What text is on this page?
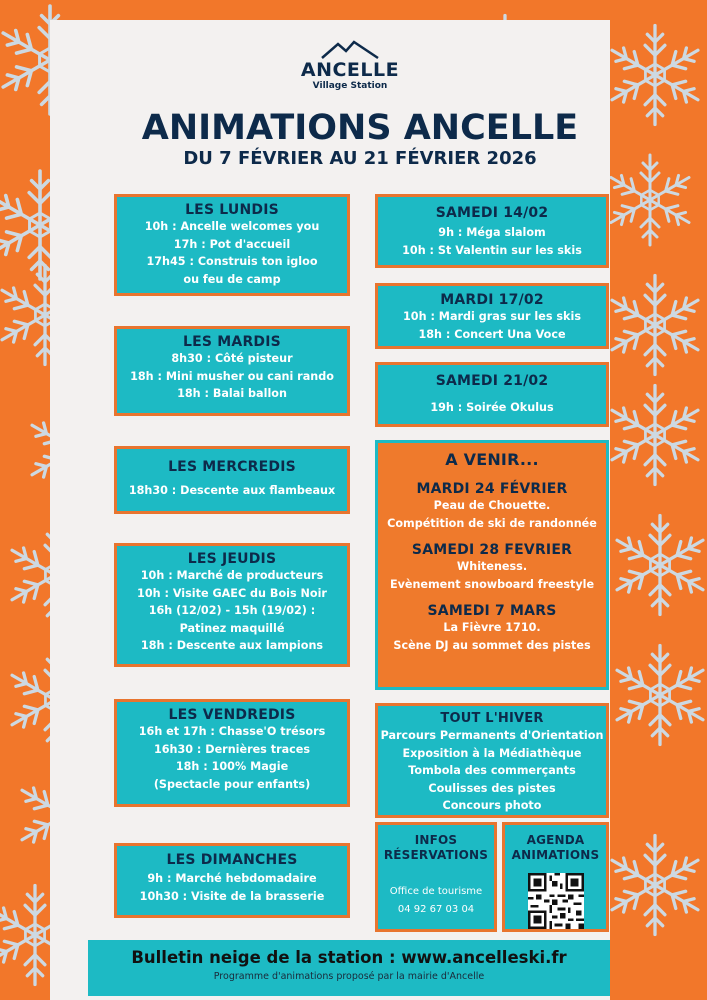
ANCELLE
Village Station
ANIMATIONS ANCELLE
DU 7 FÉVRIER AU 21 FÉVRIER 2026
LES LUNDIS
10h : Ancelle welcomes you
17h : Pot d'accueil
17h45 : Construis ton igloo
ou feu de camp
LES MARDIS
8h30 : Côté pisteur
18h : Mini musher ou cani rando
18h : Balai ballon
LES MERCREDIS
18h30 : Descente aux flambeaux
LES JEUDIS
10h : Marché de producteurs
10h : Visite GAEC du Bois Noir
16h (12/02) - 15h (19/02) :
Patinez maquillé
18h : Descente aux lampions
LES VENDREDIS
16h et 17h : Chasse'O trésors
16h30 : Dernières traces
18h : 100% Magie
(Spectacle pour enfants)
LES DIMANCHES
9h : Marché hebdomadaire
10h30 : Visite de la brasserie
SAMEDI 14/02
9h : Méga slalom
10h : St Valentin sur les skis
MARDI 17/02
10h : Mardi gras sur les skis
18h : Concert Una Voce
SAMEDI 21/02
19h : Soirée Okulus
A VENIR...
MARDI 24 FÉVRIER
Peau de Chouette.
Compétition de ski de randonnée
SAMEDI 28 FEVRIER
Whiteness.
Evènement snowboard freestyle
SAMEDI 7 MARS
La Fièvre 1710.
Scène DJ au sommet des pistes
TOUT L'HIVER
Parcours Permanents d'Orientation
Exposition à la Médiathèque
Tombola des commerçants
Coulisses des pistes
Concours photo
INFOS
RÉSERVATIONS
Office de tourisme
04 92 67 03 04
AGENDA
ANIMATIONS
Bulletin neige de la station : www.ancelleski.fr
Programme d'animations proposé par la mairie d'Ancelle
